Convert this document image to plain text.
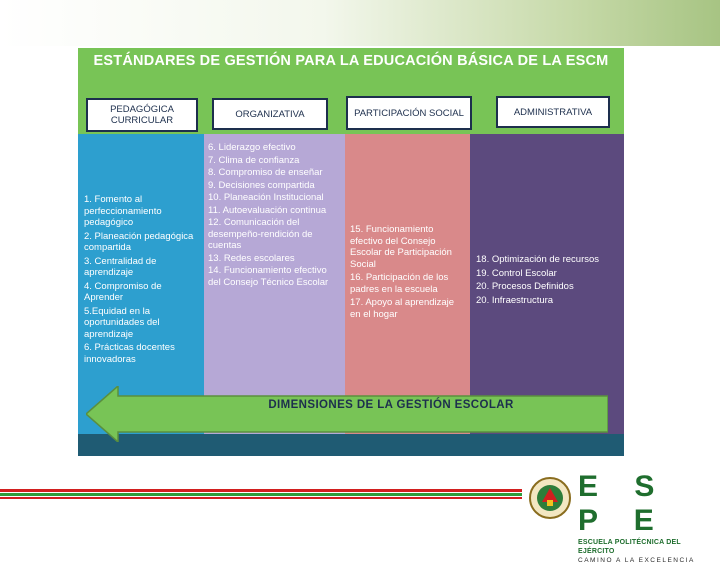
ESTÁNDARES DE GESTIÓN PARA LA EDUCACIÓN BÁSICA DE LA ESCM
PEDAGÓGICA CURRICULAR
ORGANIZATIVA	PARTICIPACIÓN SOCIAL	ADMINISTRATIVA
1. Fomento al perfeccionamiento pedagógico
2. Planeación pedagógica compartida
3. Centralidad de aprendizaje
4. Compromiso de Aprender
5.Equidad en la oportunidades del aprendizaje
6. Prácticas docentes innovadoras
6. Liderazgo efectivo
7. Clima de confianza
8. Compromiso de enseñar
9. Decisiones compartida
10. Planeación Institucional
11. Autoevaluación continua
12. Comunicación del desempeño-rendición de cuentas
13. Redes escolares
14. Funcionamiento efectivo del Consejo Técnico Escolar
15. Funcionamiento efectivo del Consejo Escolar de Participación Social
16. Participación de los padres en la escuela
17. Apoyo al aprendizaje en el hogar
18. Optimización de recursos
19. Control Escolar
20. Procesos Definidos
20. Infraestructura
DIMENSIONES DE LA GESTIÓN ESCOLAR
E S P E
ESCUELA POLITÉCNICA DEL EJÉRCITO
CAMINO A LA EXCELENCIA
